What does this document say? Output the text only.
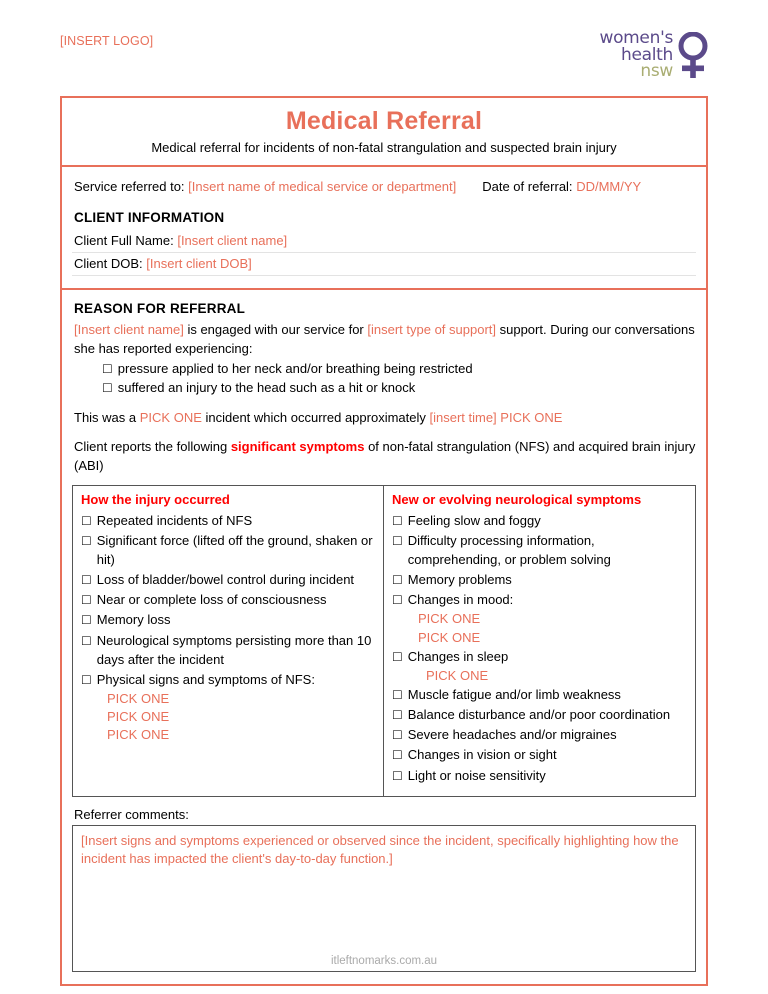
[INSERT LOGO]	women's
health
nsw
Medical Referral
Medical referral for incidents of non-fatal strangulation and suspected brain injury
Service referred to:
[Insert name of medical service or department] Date of referral:
DD/MM/YY
CLIENT INFORMATION
Client Full Name: [Insert client name]
Client DOB: [Insert client DOB]
REASON FOR REFERRAL

[Insert client name] is engaged with our service for [insert type of support] support. During our conversations she has reported experiencing:

☐ pressure applied to her neck and/or breathing being restricted
☐ suffered an injury to the head such as a hit or knock

This was a PICK ONE incident which occurred approximately [insert time] PICK ONE

Client reports the following significant symptoms of non-fatal strangulation (NFS) and acquired brain injury (ABI)

How the injury occurred
☐ Repeated incidents of NFS
☐ Significant force (lifted off the ground, shaken or hit)
☐ Loss of bladder/bowel control during incident
☐ Near or complete loss of consciousness
☐ Memory loss
☐ Neurological symptoms persisting more than 10 days after the incident
☐ Physical signs and symptoms of NFS:
PICK ONE
PICK ONE
PICK ONE
New or evolving neurological symptoms
☐ Feeling slow and foggy
☐ Difficulty processing information, comprehending, or problem solving
☐ Memory problems
☐ Changes in mood:
PICK ONE
PICK ONE
☐ Changes in sleep
PICK ONE
☐ Muscle fatigue and/or limb weakness
☐ Balance disturbance and/or poor coordination
☐ Severe headaches and/or migraines
☐ Changes in vision or sight
☐ Light or noise sensitivity
Referrer comments:
[Insert signs and symptoms experienced or observed since the incident, specifically highlighting how the incident has impacted the client's day-to-day function.]
itleftnomarks.com.au
